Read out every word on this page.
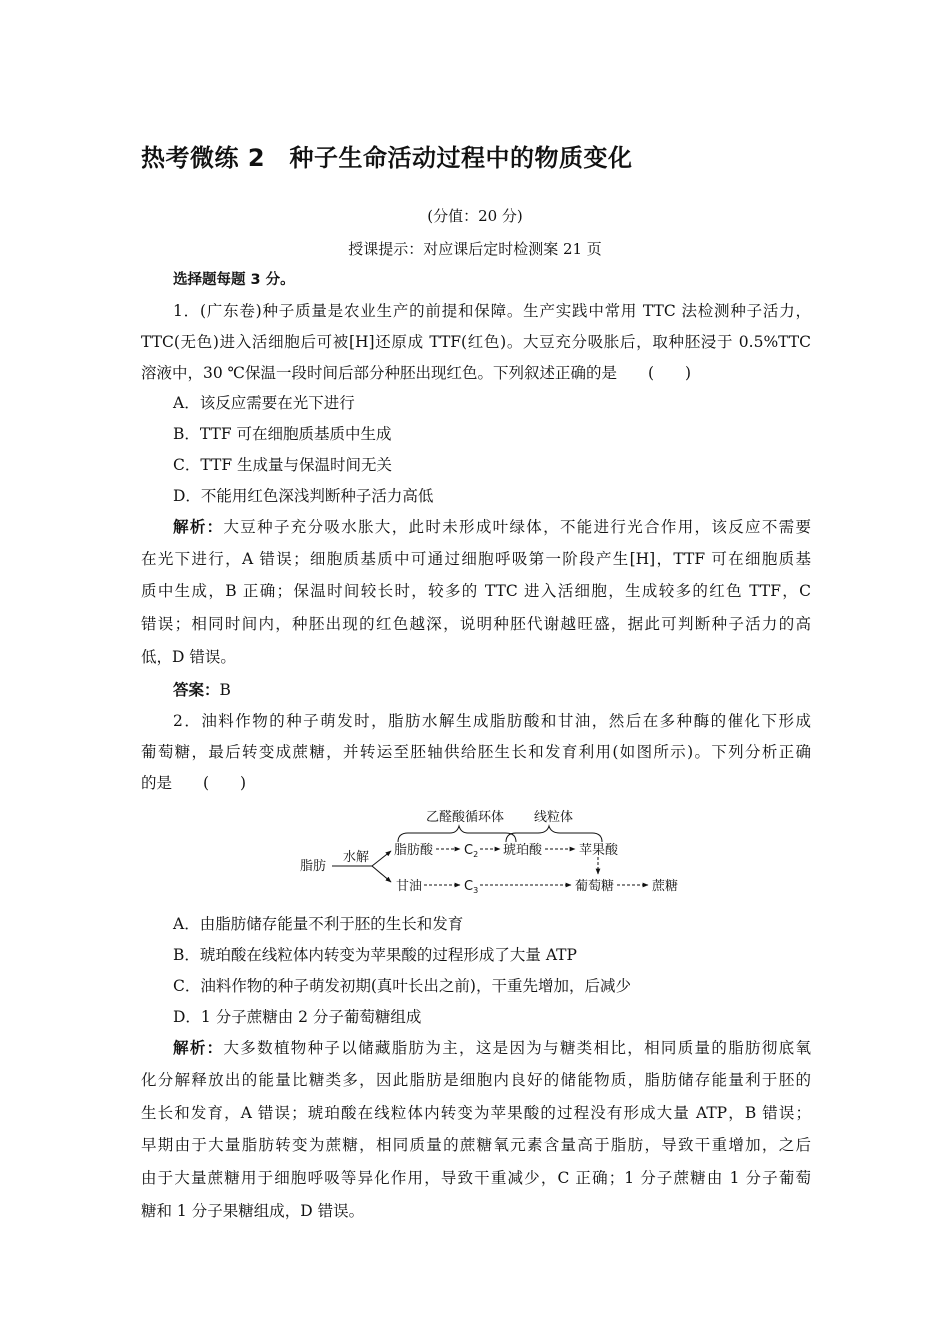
热考微练 2　种子生命活动过程中的物质变化
(分值：20 分)
授课提示：对应课后定时检测案 21 页
选择题每题 3 分。
1．(广东卷)种子质量是农业生产的前提和保障。生产实践中常用 TTC 法检测种子活力，
TTC(无色)进入活细胞后可被[H]还原成 TTF(红色)。大豆充分吸胀后，取种胚浸于 0.5%TTC
溶液中，30 ℃保温一段时间后部分种胚出现红色。下列叙述正确的是　　(　　)
A．该反应需要在光下进行
B．TTF 可在细胞质基质中生成
C．TTF 生成量与保温时间无关
D．不能用红色深浅判断种子活力高低
解析：大豆种子充分吸水胀大，此时未形成叶绿体，不能进行光合作用，该反应不需要
在光下进行，A 错误；细胞质基质中可通过细胞呼吸第一阶段产生[H]，TTF 可在细胞质基
质中生成，B 正确；保温时间较长时，较多的 TTC 进入活细胞，生成较多的红色 TTF，C
错误；相同时间内，种胚出现的红色越深，说明种胚代谢越旺盛，据此可判断种子活力的高
低，D 错误。
答案：B
2．油料作物的种子萌发时，脂肪水解生成脂肪酸和甘油，然后在多种酶的催化下形成
葡萄糖，最后转变成蔗糖，并转运至胚轴供给胚生长和发育利用(如图所示)。下列分析正确
的是　　(　　)
乙醛酸循环体 线粒体
脂肪
水解 脂肪酸 $C_2$ 琥珀酸	苹果酸
甘油	$C_3$	葡萄糖	蔗糖
A．由脂肪储存能量不利于胚的生长和发育
B．琥珀酸在线粒体内转变为苹果酸的过程形成了大量 ATP
C．油料作物的种子萌发初期(真叶长出之前)，干重先增加，后减少
D．1 分子蔗糖由 2 分子葡萄糖组成
解析：大多数植物种子以储藏脂肪为主，这是因为与糖类相比，相同质量的脂肪彻底氧
化分解释放出的能量比糖类多，因此脂肪是细胞内良好的储能物质，脂肪储存能量利于胚的
生长和发育，A 错误；琥珀酸在线粒体内转变为苹果酸的过程没有形成大量 ATP，B 错误；
早期由于大量脂肪转变为蔗糖，相同质量的蔗糖氧元素含量高于脂肪，导致干重增加，之后
由于大量蔗糖用于细胞呼吸等异化作用，导致干重减少，C 正确；1 分子蔗糖由 1 分子葡萄
糖和 1 分子果糖组成，D 错误。
